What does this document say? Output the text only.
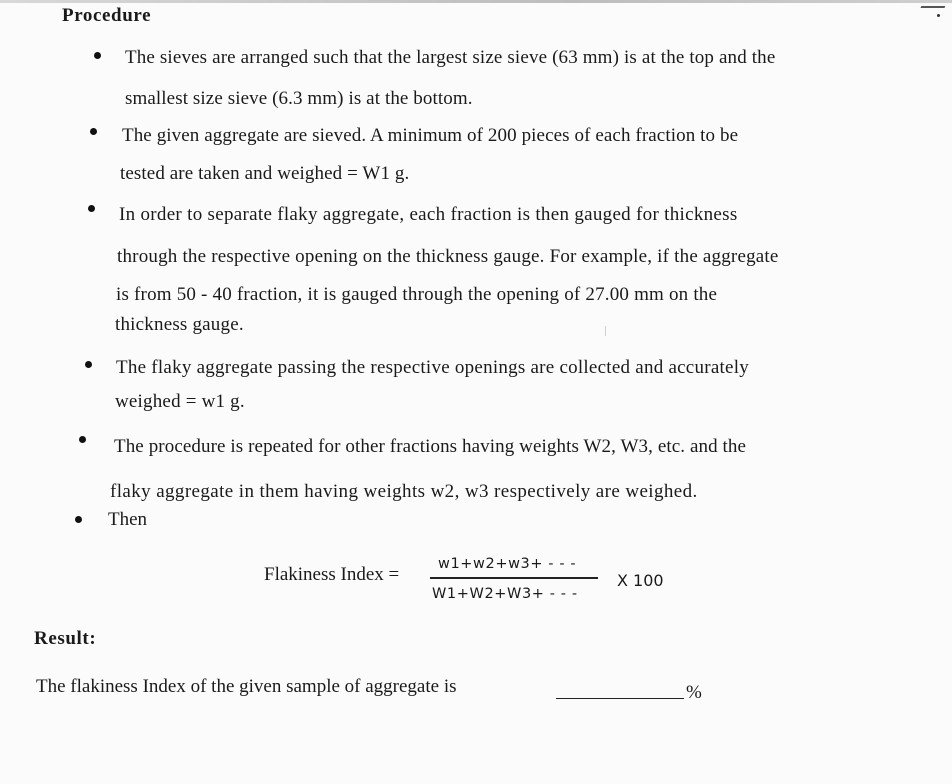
Procedure
The sieves are arranged such that the largest size sieve (63 mm) is at the top and the
smallest size sieve (6.3 mm) is at the bottom.
The given aggregate are sieved. A minimum of 200 pieces of each fraction to be
tested are taken and weighed = W1 g.
In order to separate flaky aggregate, each fraction is then gauged for thickness
through the respective opening on the thickness gauge. For example, if the aggregate
is from 50 - 40 fraction, it is gauged through the opening of 27.00 mm on the
thickness gauge.
The flaky aggregate passing the respective openings are collected and accurately
weighed = w1 g.
The procedure is repeated for other fractions having weights W2, W3, etc. and the
flaky aggregate in them having weights w2, w3 respectively are weighed.
Then
Flakiness Index =	w1+w2+w3+ - - -
W1+W2+W3+ - - -
X 100
Result:
The flakiness Index of the given sample of aggregate is	%
